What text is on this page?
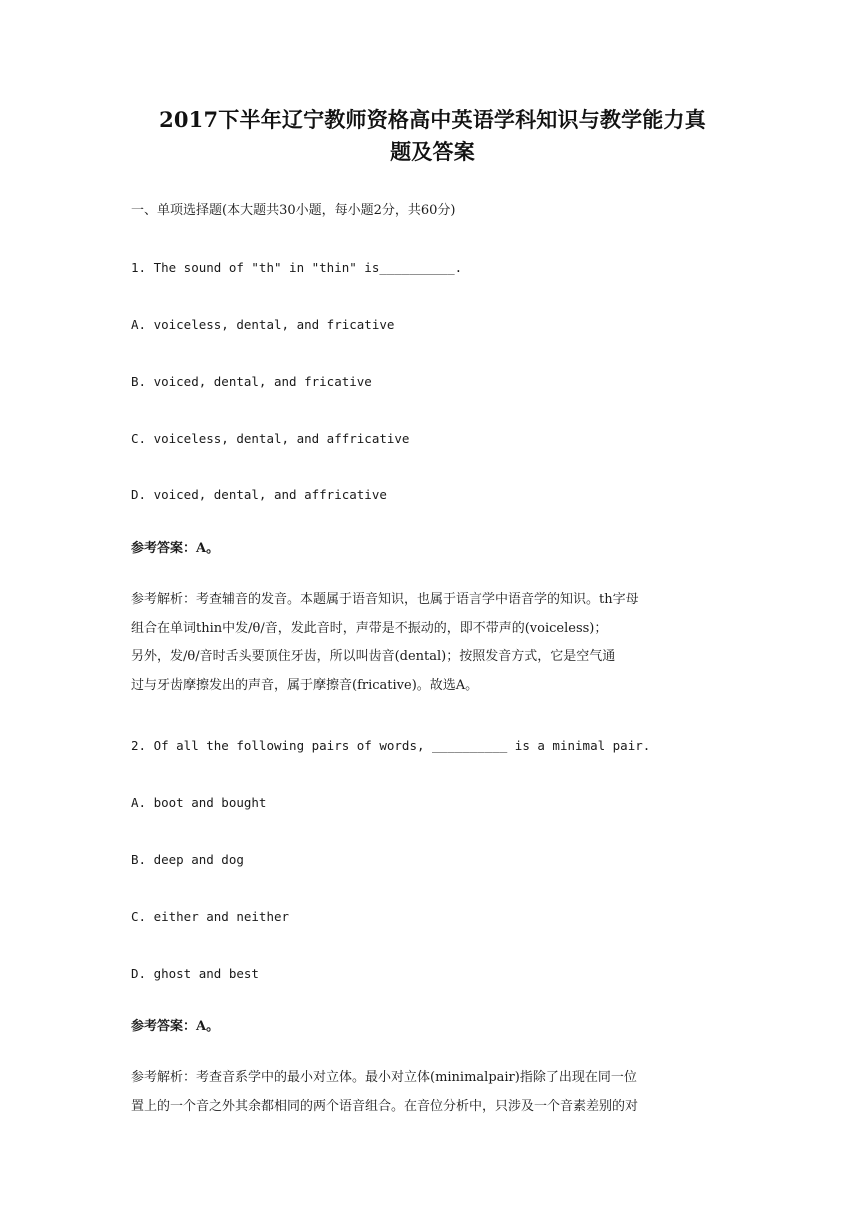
2017下半年辽宁教师资格高中英语学科知识与教学能力真
题及答案

一、单项选择题(本大题共30小题，每小题2分，共60分)

1. The sound of "th" in "thin" is__________.

A. voiceless, dental, and fricative

B. voiced, dental, and fricative

C. voiceless, dental, and affricative

D. voiced, dental, and affricative

参考答案：A。

参考解析：考查辅音的发音。本题属于语音知识，也属于语言学中语音学的知识。th字母
组合在单词thin中发/θ/音，发此音时，声带是不振动的，即不带声的(voiceless)；
另外，发/θ/音时舌头要顶住牙齿，所以叫齿音(dental)；按照发音方式，它是空气通
过与牙齿摩擦发出的声音，属于摩擦音(fricative)。故选A。

2. Of all the following pairs of words, __________ is a minimal pair.

A. boot and bought

B. deep and dog

C. either and neither

D. ghost and best

参考答案：A。

参考解析：考查音系学中的最小对立体。最小对立体(minimalpair)指除了出现在同一位
置上的一个音之外其余都相同的两个语音组合。在音位分析中，只涉及一个音素差别的对
